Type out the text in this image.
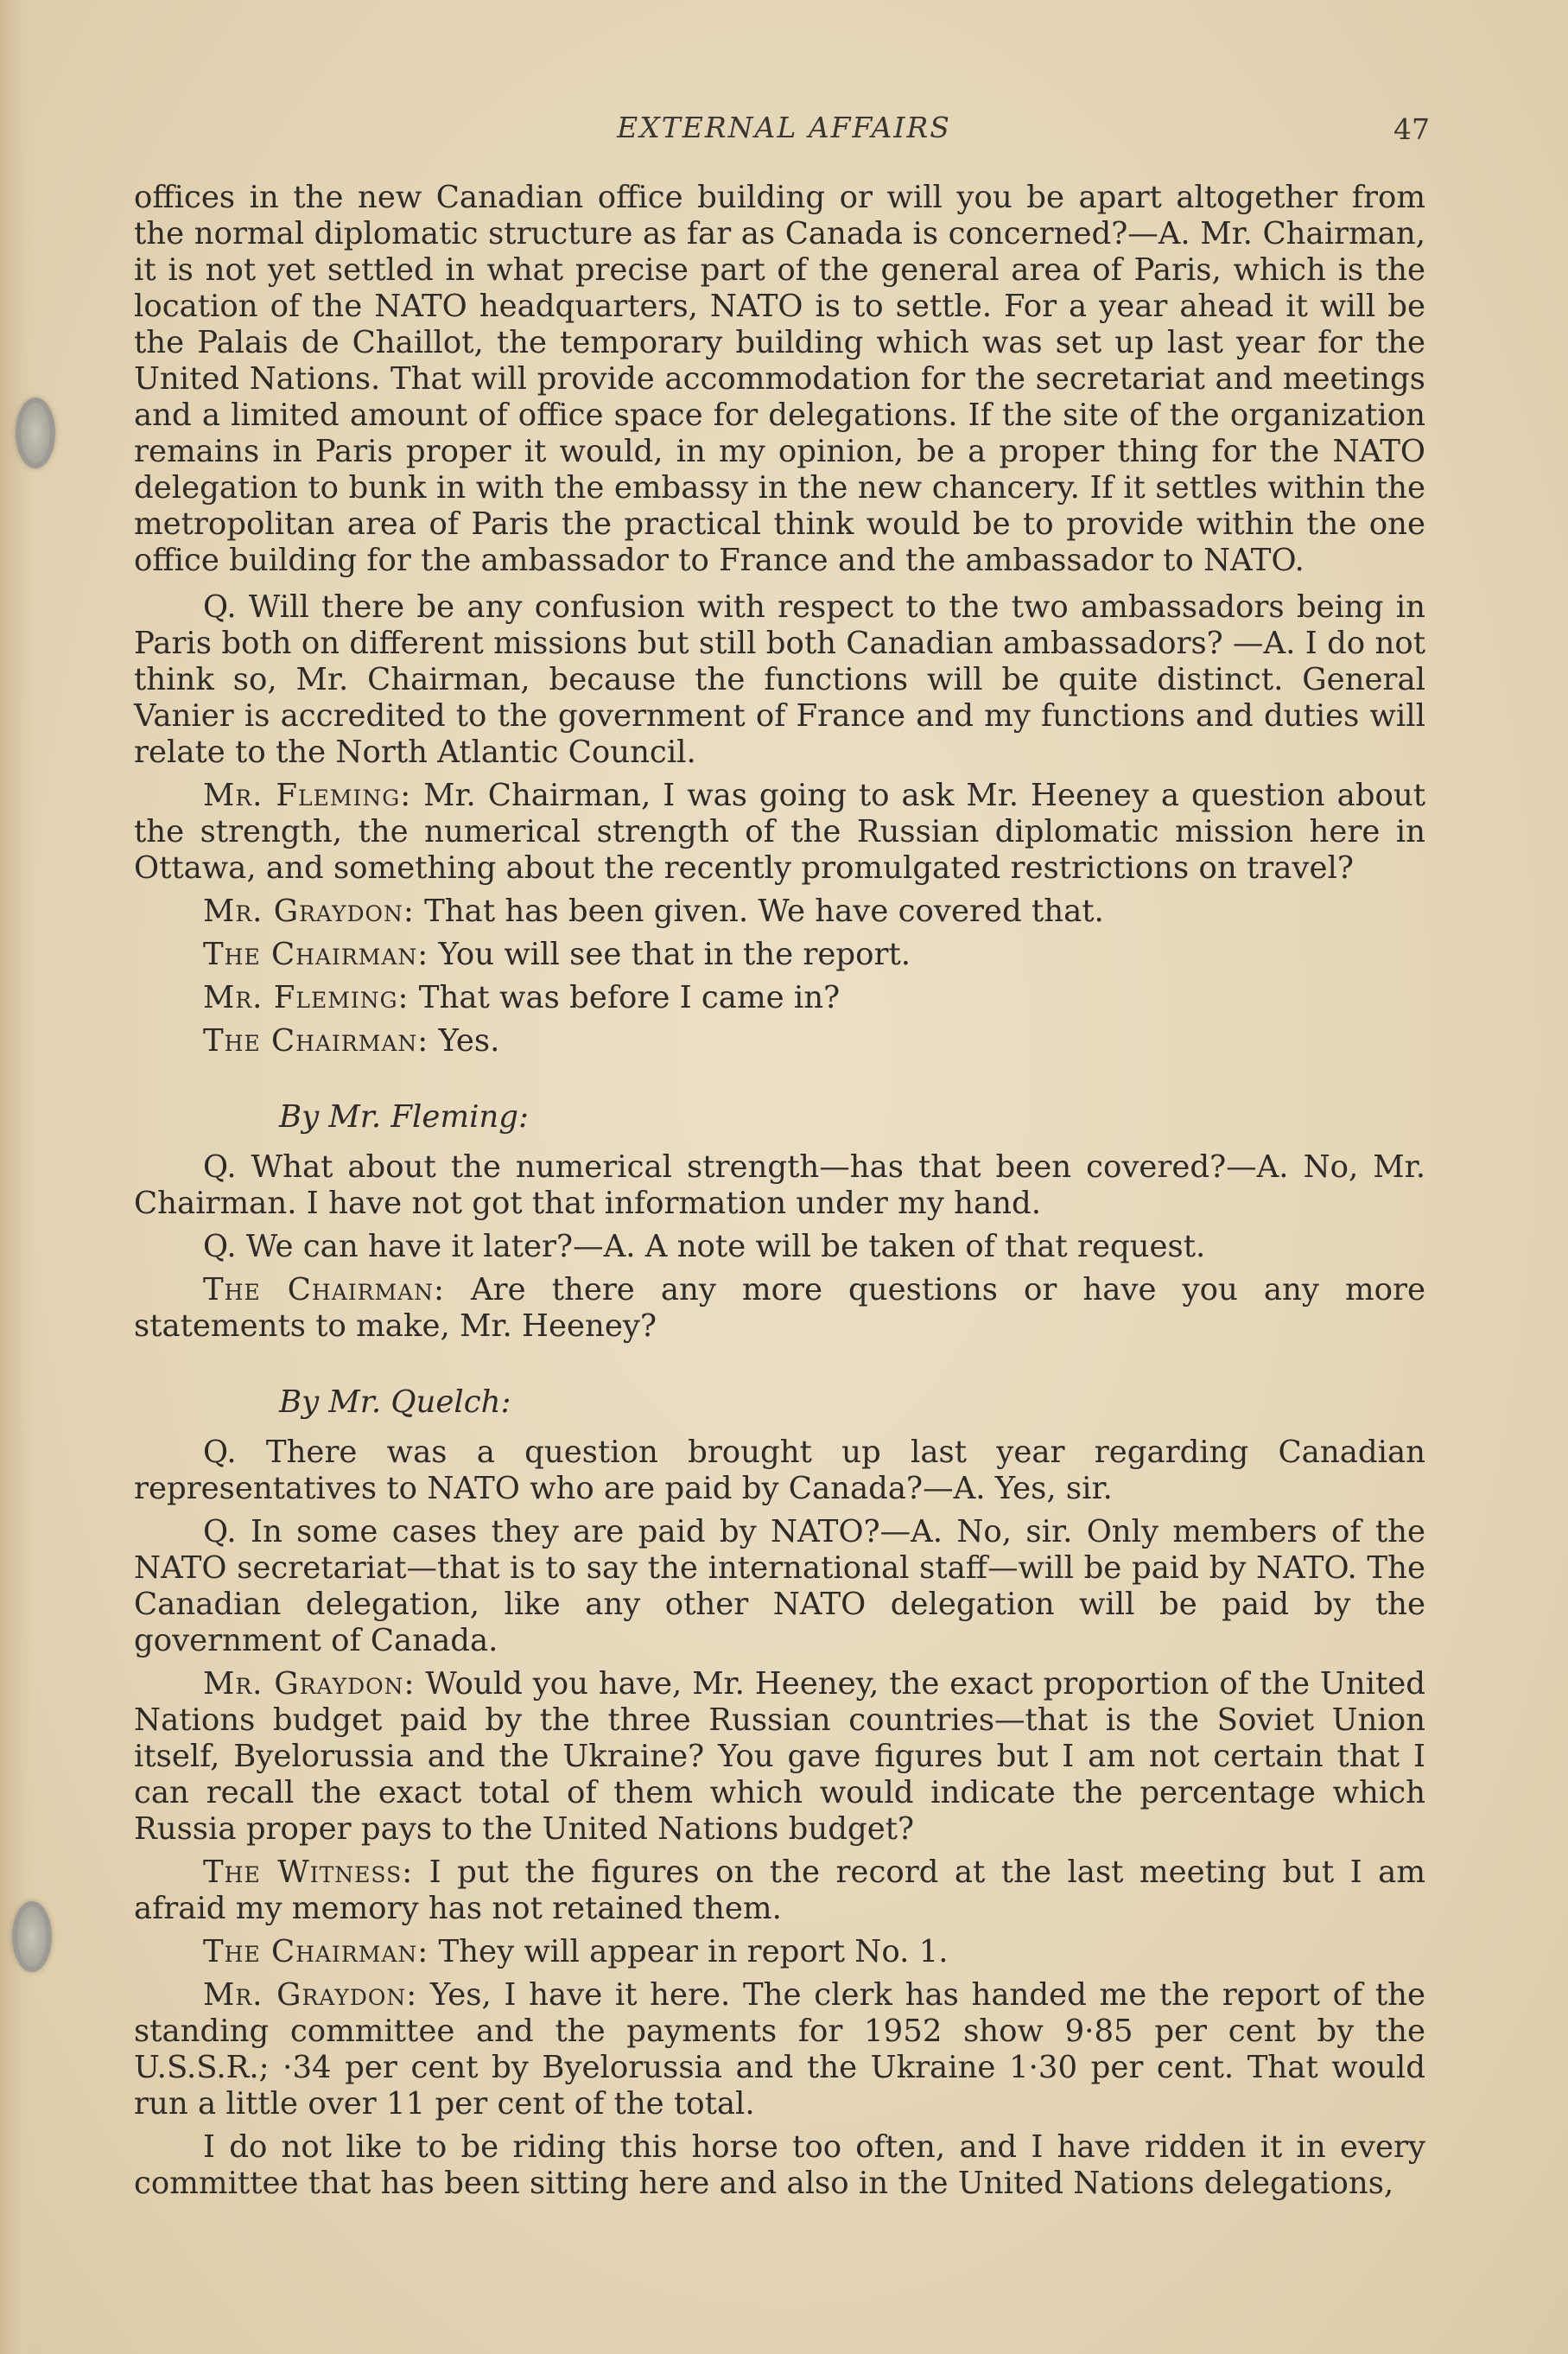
EXTERNAL AFFAIRS	47

offices in the new Canadian office building or will you be apart altogether from the normal diplomatic structure as far as Canada is concerned?—A. Mr. Chairman, it is not yet settled in what precise part of the general area of Paris, which is the location of the NATO headquarters, NATO is to settle. For a year ahead it will be the Palais de Chaillot, the temporary building which was set up last year for the United Nations. That will provide accommodation for the secretariat and meetings and a limited amount of office space for delegations. If the site of the organization remains in Paris proper it would, in my opinion, be a proper thing for the NATO delegation to bunk in with the embassy in the new chancery. If it settles within the metropolitan area of Paris the practical think would be to provide within the one office building for the ambassador to France and the ambassador to NATO.

Q. Will there be any confusion with respect to the two ambassadors being in Paris both on different missions but still both Canadian ambassadors? —A. I do not think so, Mr. Chairman, because the functions will be quite distinct. General Vanier is accredited to the government of France and my functions and duties will relate to the North Atlantic Council.

Mr. Fleming: Mr. Chairman, I was going to ask Mr. Heeney a question about the strength, the numerical strength of the Russian diplomatic mission here in Ottawa, and something about the recently promulgated restrictions on travel?

Mr. Graydon: That has been given. We have covered that.

The Chairman: You will see that in the report.

Mr. Fleming: That was before I came in?

The Chairman: Yes.

By Mr. Fleming:

Q. What about the numerical strength—has that been covered?—A. No, Mr. Chairman. I have not got that information under my hand.

Q. We can have it later?—A. A note will be taken of that request.

The Chairman: Are there any more questions or have you any more statements to make, Mr. Heeney?

By Mr. Quelch:

Q. There was a question brought up last year regarding Canadian representatives to NATO who are paid by Canada?—A. Yes, sir.

Q. In some cases they are paid by NATO?—A. No, sir. Only members of the NATO secretariat—that is to say the international staff—will be paid by NATO. The Canadian delegation, like any other NATO delegation will be paid by the government of Canada.

Mr. Graydon: Would you have, Mr. Heeney, the exact proportion of the United Nations budget paid by the three Russian countries—that is the Soviet Union itself, Byelorussia and the Ukraine? You gave figures but I am not certain that I can recall the exact total of them which would indicate the percentage which Russia proper pays to the United Nations budget?

The Witness: I put the figures on the record at the last meeting but I am afraid my memory has not retained them.

The Chairman: They will appear in report No. 1.

Mr. Graydon: Yes, I have it here. The clerk has handed me the report of the standing committee and the payments for 1952 show 9·85 per cent by the U.S.S.R.; ·34 per cent by Byelorussia and the Ukraine 1·30 per cent. That would run a little over 11 per cent of the total.

I do not like to be riding this horse too often, and I have ridden it in every committee that has been sitting here and also in the United Nations delegations,
